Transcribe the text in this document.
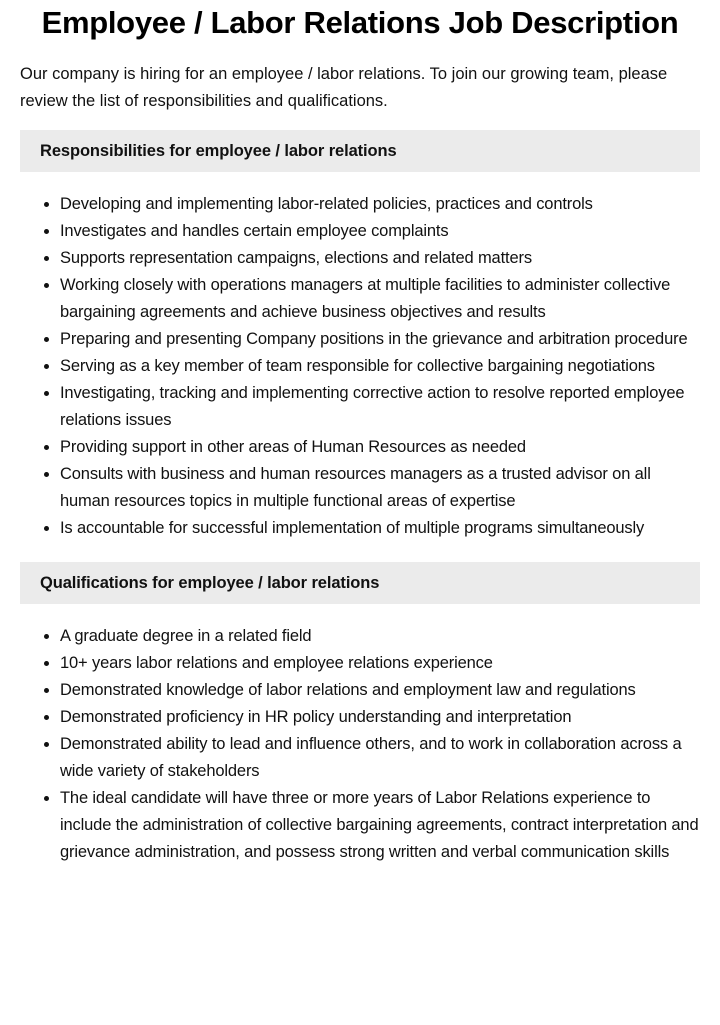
Employee / Labor Relations Job Description

Our company is hiring for an employee / labor relations. To join our growing team, please review the list of responsibilities and qualifications.

Responsibilities for employee / labor relations
• Developing and implementing labor-related policies, practices and controls
• Investigates and handles certain employee complaints
• Supports representation campaigns, elections and related matters
• Working closely with operations managers at multiple facilities to administer collective bargaining agreements and achieve business objectives and results
• Preparing and presenting Company positions in the grievance and arbitration procedure
• Serving as a key member of team responsible for collective bargaining negotiations
• Investigating, tracking and implementing corrective action to resolve reported employee relations issues
• Providing support in other areas of Human Resources as needed
• Consults with business and human resources managers as a trusted advisor on all human resources topics in multiple functional areas of expertise
• Is accountable for successful implementation of multiple programs simultaneously
Qualifications for employee / labor relations
• A graduate degree in a related field
• 10+ years labor relations and employee relations experience
• Demonstrated knowledge of labor relations and employment law and regulations
• Demonstrated proficiency in HR policy understanding and interpretation
• Demonstrated ability to lead and influence others, and to work in collaboration across a wide variety of stakeholders
• The ideal candidate will have three or more years of Labor Relations experience to include the administration of collective bargaining agreements, contract interpretation and grievance administration, and possess strong written and verbal communication skills
